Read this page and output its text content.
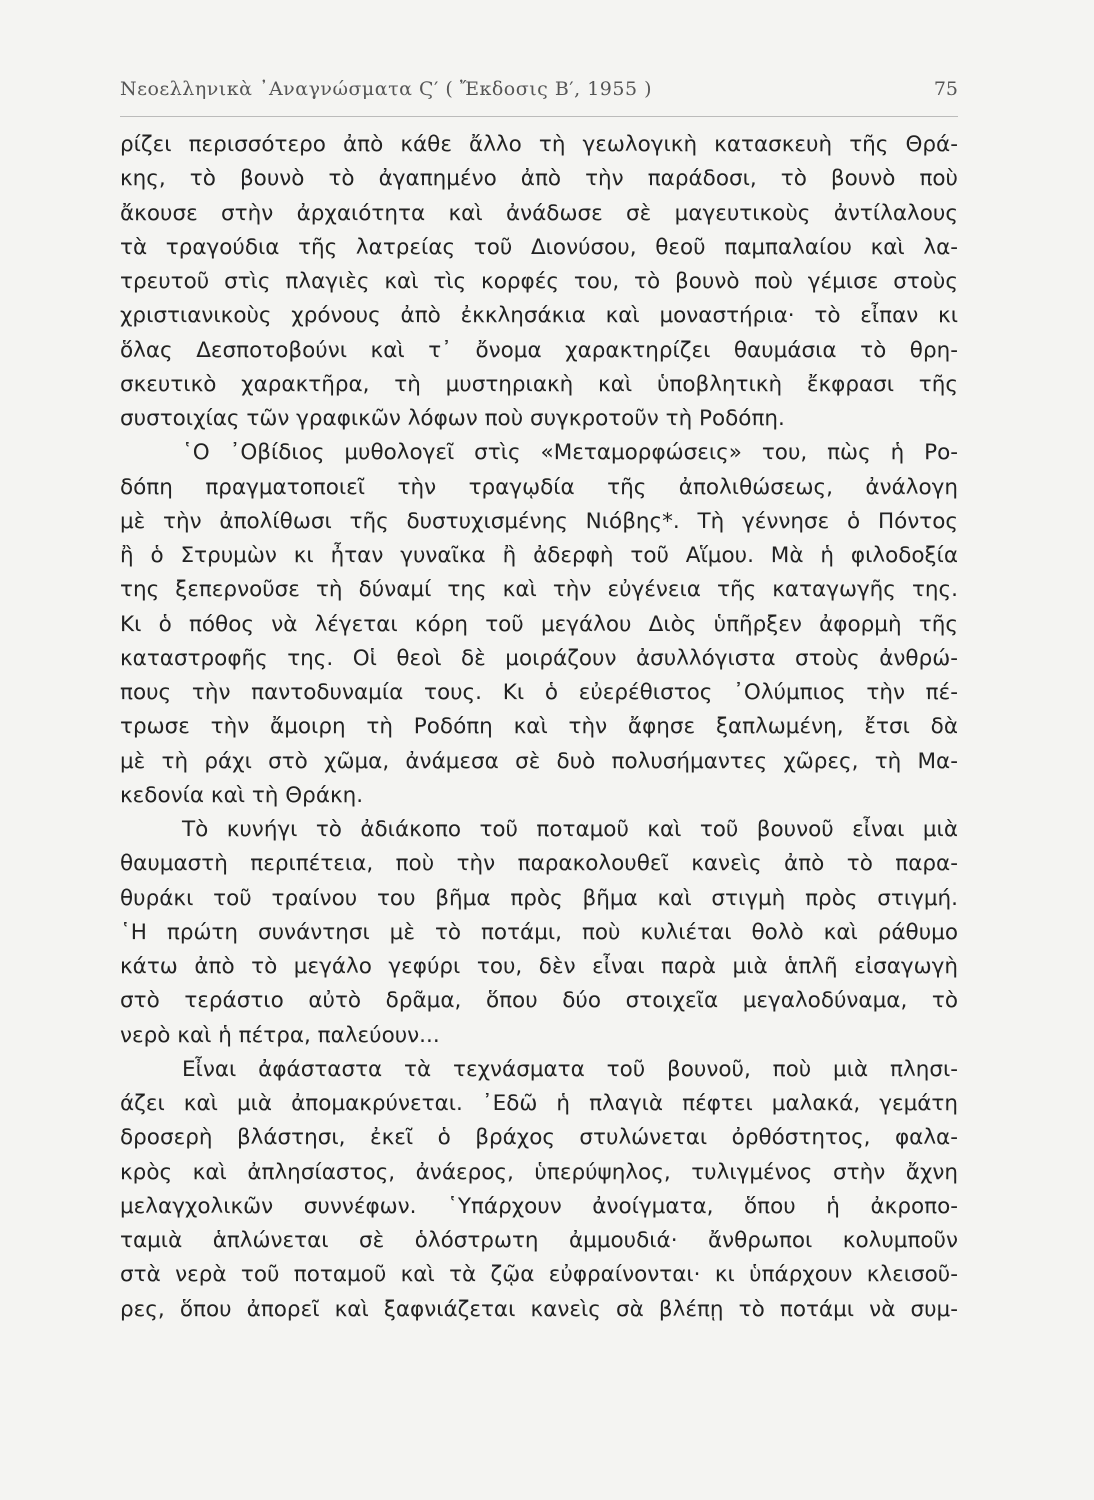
Νεοελληνικὰ ᾿Αναγνώσματα Ϛ′ ( Ἔκδοσις Β′, 1955 )	75
ρίζει περισσότερο ἀπὸ κάθε ἄλλο τὴ γεωλογικὴ κατασκευὴ τῆς Θρά-
κης, τὸ βουνὸ τὸ ἀγαπημένο ἀπὸ τὴν παράδοσι, τὸ βουνὸ ποὺ
ἄκουσε στὴν ἀρχαιότητα καὶ ἀνάδωσε σὲ μαγευτικοὺς ἀντίλαλους
τὰ τραγούδια τῆς λατρείας τοῦ Διονύσου, θεοῦ παμπαλαίου καὶ λα-
τρευτοῦ στὶς πλαγιὲς καὶ τὶς κορφές του, τὸ βουνὸ ποὺ γέμισε στοὺς
χριστιανικοὺς χρόνους ἀπὸ ἐκκλησάκια καὶ μοναστήρια· τὸ εἶπαν κι
ὅλας Δεσποτοβούνι καὶ τ᾿ ὄνομα χαρακτηρίζει θαυμάσια τὸ θρη-
σκευτικὸ χαρακτῆρα, τὴ μυστηριακὴ καὶ ὑποβλητικὴ ἔκφρασι τῆς
συστοιχίας τῶν γραφικῶν λόφων ποὺ συγκροτοῦν τὴ Ροδόπη.
῾Ο ᾿Οβίδιος μυθολογεῖ στὶς «Μεταμορφώσεις» του, πὼς ἡ Ρο-
δόπη πραγματοποιεῖ τὴν τραγῳδία τῆς ἀπολιθώσεως, ἀνάλογη
μὲ τὴν ἀπολίθωσι τῆς δυστυχισμένης Νιόβης*. Τὴ γέννησε ὁ Πόντος
ἢ ὁ Στρυμὼν κι ἦταν γυναῖκα ἢ ἀδερφὴ τοῦ Αἵμου. Μὰ ἡ φιλοδοξία
της ξεπερνοῦσε τὴ δύναμί της καὶ τὴν εὐγένεια τῆς καταγωγῆς της.
Κι ὁ πόθος νὰ λέγεται κόρη τοῦ μεγάλου Διὸς ὑπῆρξεν ἀφορμὴ τῆς
καταστροφῆς της. Οἱ θεοὶ δὲ μοιράζουν ἀσυλλόγιστα στοὺς ἀνθρώ-
πους τὴν παντοδυναμία τους. Κι ὁ εὐερέθιστος ᾿Ολύμπιος τὴν πέ-
τρωσε τὴν ἄμοιρη τὴ Ροδόπη καὶ τὴν ἄφησε ξαπλωμένη, ἔτσι δὰ
μὲ τὴ ράχι στὸ χῶμα, ἀνάμεσα σὲ δυὸ πολυσήμαντες χῶρες, τὴ Μα-
κεδονία καὶ τὴ Θράκη.
Τὸ κυνήγι τὸ ἀδιάκοπο τοῦ ποταμοῦ καὶ τοῦ βουνοῦ εἶναι μιὰ
θαυμαστὴ περιπέτεια, ποὺ τὴν παρακολουθεῖ κανεὶς ἀπὸ τὸ παρα-
θυράκι τοῦ τραίνου του βῆμα πρὸς βῆμα καὶ στιγμὴ πρὸς στιγμή.
῾Η πρώτη συνάντησι μὲ τὸ ποτάμι, ποὺ κυλιέται θολὸ καὶ ράθυμο
κάτω ἀπὸ τὸ μεγάλο γεφύρι του, δὲν εἶναι παρὰ μιὰ ἁπλῆ εἰσαγωγὴ
στὸ τεράστιο αὐτὸ δρᾶμα, ὅπου δύο στοιχεῖα μεγαλοδύναμα, τὸ
νερὸ καὶ ἡ πέτρα, παλεύουν...
Εἶναι ἀφάσταστα τὰ τεχνάσματα τοῦ βουνοῦ, ποὺ μιὰ πλησι-
άζει καὶ μιὰ ἀπομακρύνεται. ᾿Εδῶ ἡ πλαγιὰ πέφτει μαλακά, γεμάτη
δροσερὴ βλάστησι, ἐκεῖ ὁ βράχος στυλώνεται ὀρθόστητος, φαλα-
κρὸς καὶ ἀπλησίαστος, ἀνάερος, ὑπερύψηλος, τυλιγμένος στὴν ἄχνη
μελαγχολικῶν συννέφων. ῾Υπάρχουν ἀνοίγματα, ὅπου ἡ ἀκροπο-
ταμιὰ ἁπλώνεται σὲ ὁλόστρωτη ἀμμουδιά· ἄνθρωποι κολυμποῦν
στὰ νερὰ τοῦ ποταμοῦ καὶ τὰ ζῷα εὐφραίνονται· κι ὑπάρχουν κλεισοῦ-
ρες, ὅπου ἀπορεῖ καὶ ξαφνιάζεται κανεὶς σὰ βλέπῃ τὸ ποτάμι νὰ συμ-
